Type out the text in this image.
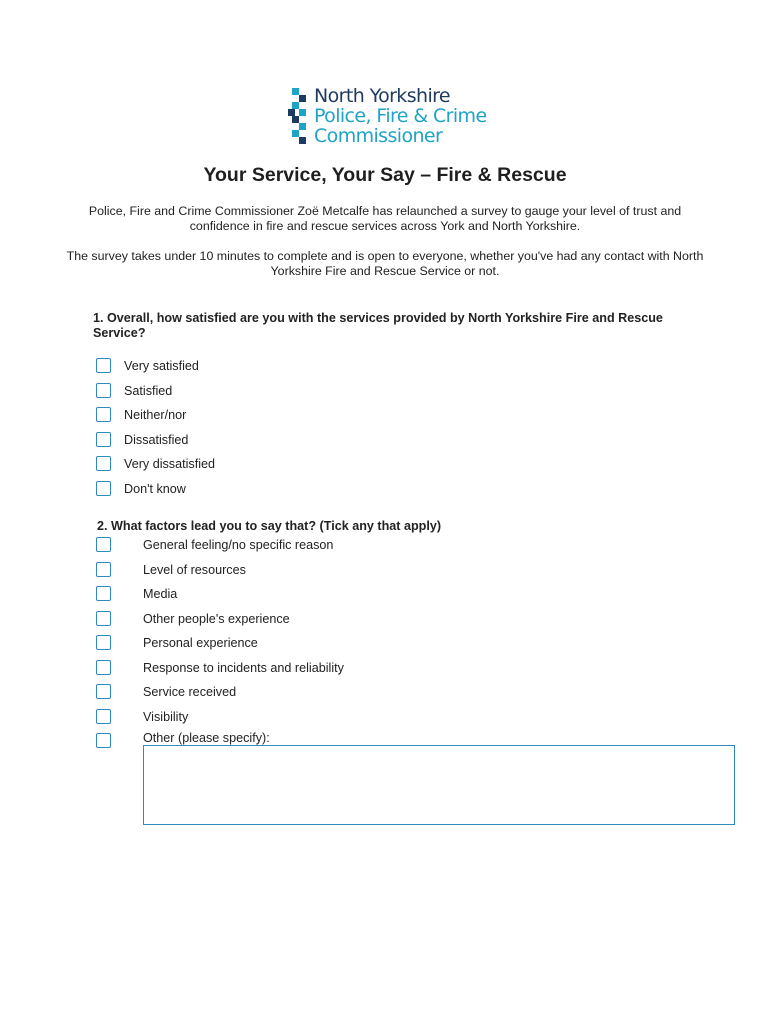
North Yorkshire
Police, Fire & Crime
Commissioner
Your Service, Your Say – Fire & Rescue

Police, Fire and Crime Commissioner Zoë Metcalfe has relaunched a survey to gauge your level of trust and confidence in fire and rescue services across York and North Yorkshire.

The survey takes under 10 minutes to complete and is open to everyone, whether you've had any contact with North Yorkshire Fire and Rescue Service or not.

1. Overall, how satisfied are you with the services provided by North Yorkshire Fire and Rescue Service?

Very satisfied
Satisfied
Neither/nor
Dissatisfied
Very dissatisfied
Don't know

2. What factors lead you to say that? (Tick any that apply)

General feeling/no specific reason
Level of resources
Media
Other people's experience
Personal experience
Response to incidents and reliability
Service received
Visibility
Other (please specify):
